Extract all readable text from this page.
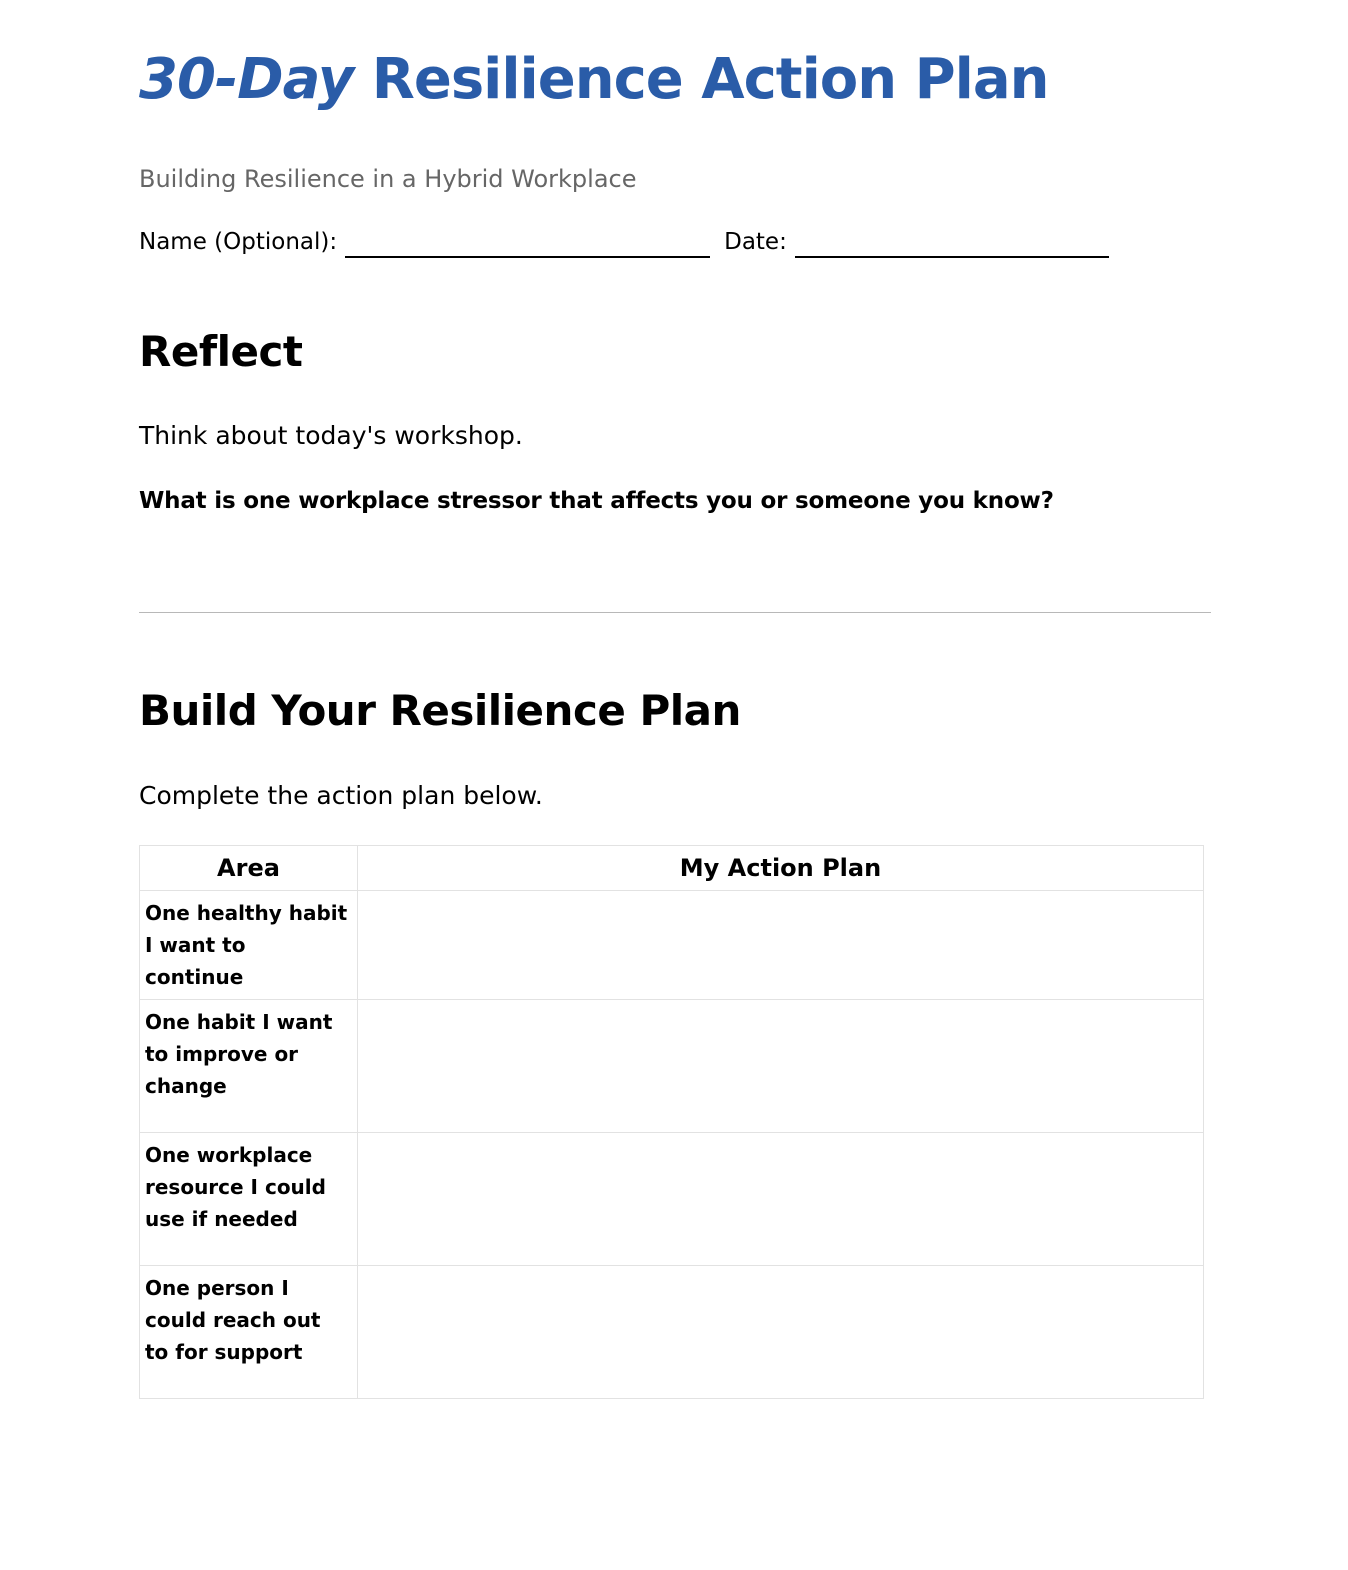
30-Day Resilience Action Plan
Building Resilience in a Hybrid Workplace
Name (Optional):	Date:
Reflect
Think about today's workshop.
What is one workplace stressor that affects you or someone you know?
Build Your Resilience Plan
Complete the action plan below.
Area	My Action Plan
One healthy habit I want to continue	
One habit I want to improve or change	
One workplace resource I could use if needed	
One person I could reach out to for support	
